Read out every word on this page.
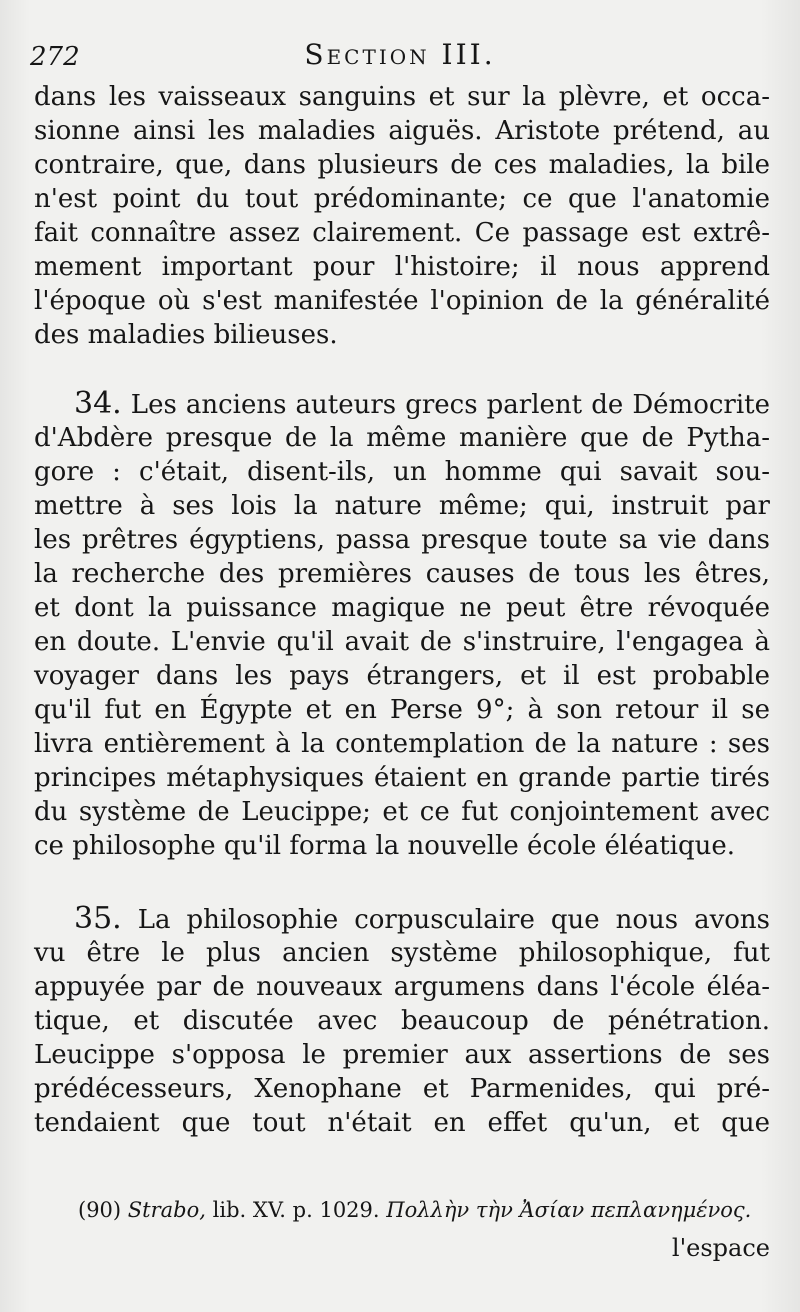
272	Section III.
dans les vaisseaux sanguins et sur la plèvre, et occa-
sionne ainsi les maladies aiguës. Aristote prétend, au
contraire, que, dans plusieurs de ces maladies, la bile
n'est point du tout prédominante; ce que l'anatomie
fait connaître assez clairement. Ce passage est extrê-
mement important pour l'histoire; il nous apprend
l'époque où s'est manifestée l'opinion de la généralité
des maladies bilieuses.
34. Les anciens auteurs grecs parlent de Démocrite
d'Abdère presque de la même manière que de Pytha-
gore : c'était, disent-ils, un homme qui savait sou-
mettre à ses lois la nature même; qui, instruit par
les prêtres égyptiens, passa presque toute sa vie dans
la recherche des premières causes de tous les êtres,
et dont la puissance magique ne peut être révoquée
en doute. L'envie qu'il avait de s'instruire, l'engagea à
voyager dans les pays étrangers, et il est probable
qu'il fut en Égypte et en Perse 9°; à son retour il se
livra entièrement à la contemplation de la nature : ses
principes métaphysiques étaient en grande partie tirés
du système de Leucippe; et ce fut conjointement avec
ce philosophe qu'il forma la nouvelle école éléatique.
35. La philosophie corpusculaire que nous avons
vu être le plus ancien système philosophique, fut
appuyée par de nouveaux argumens dans l'école éléa-
tique, et discutée avec beaucoup de pénétration.
Leucippe s'opposa le premier aux assertions de ses
prédécesseurs, Xenophane et Parmenides, qui pré-
tendaient que tout n'était en effet qu'un, et que
(90) Strabo, lib. XV. p. 1029. Πολλὴν τὴν Ἀσίαν πεπλανημένος.
l'espace
